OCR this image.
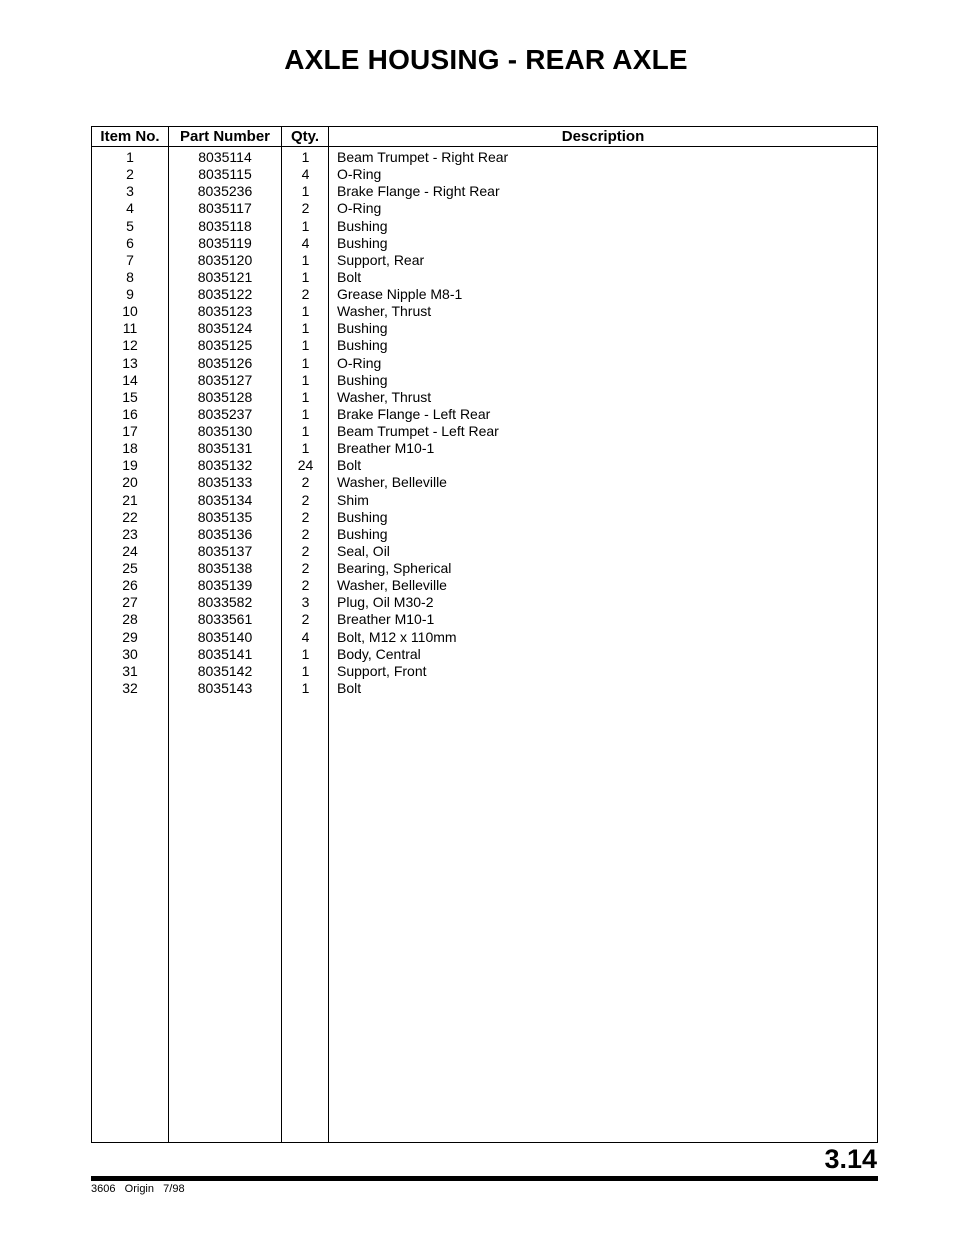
AXLE HOUSING - REAR AXLE
Item No.	Part Number	Qty.	Description
1	8035114	1	Beam Trumpet - Right Rear
2	8035115	4	O-Ring
3	8035236	1	Brake Flange - Right Rear
4	8035117	2	O-Ring
5	8035118	1	Bushing
6	8035119	4	Bushing
7	8035120	1	Support, Rear
8	8035121	1	Bolt
9	8035122	2	Grease Nipple M8-1
10	8035123	1	Washer, Thrust
11	8035124	1	Bushing
12	8035125	1	Bushing
13	8035126	1	O-Ring
14	8035127	1	Bushing
15	8035128	1	Washer, Thrust
16	8035237	1	Brake Flange - Left Rear
17	8035130	1	Beam Trumpet - Left Rear
18	8035131	1	Breather M10-1
19	8035132	24	Bolt
20	8035133	2	Washer, Belleville
21	8035134	2	Shim
22	8035135	2	Bushing
23	8035136	2	Bushing
24	8035137	2	Seal, Oil
25	8035138	2	Bearing, Spherical
26	8035139	2	Washer, Belleville
27	8033582	3	Plug, Oil M30-2
28	8033561	2	Breather M10-1
29	8035140	4	Bolt, M12 x 110mm
30	8035141	1	Body, Central
31	8035142	1	Support, Front
32	8035143	1	Bolt
3.14
3606 Origin 7/98
